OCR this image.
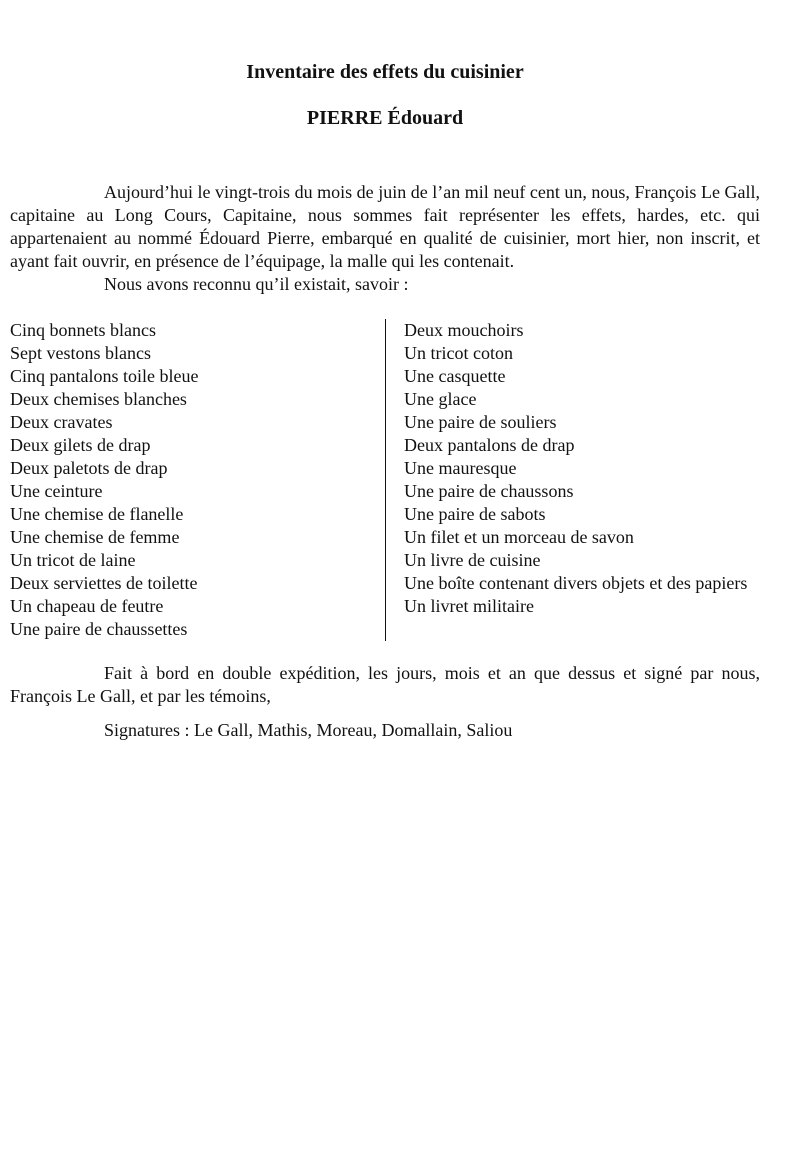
Inventaire des effets du cuisinier
PIERRE Édouard

Aujourd’hui le vingt-trois du mois de juin de l’an mil neuf cent un, nous, François Le Gall, capitaine au Long Cours, Capitaine, nous sommes fait représenter les effets, hardes, etc. qui appartenaient au nommé Édouard Pierre, embarqué en qualité de cuisinier, mort hier, non inscrit, et ayant fait ouvrir, en présence de l’équipage, la malle qui les contenait.

Nous avons reconnu qu’il existait, savoir :

Cinq bonnets blancs
Sept vestons blancs
Cinq pantalons toile bleue
Deux chemises blanches
Deux cravates
Deux gilets de drap
Deux paletots de drap
Une ceinture
Une chemise de flanelle
Une chemise de femme
Un tricot de laine
Deux serviettes de toilette
Un chapeau de feutre
Une paire de chaussettes
Deux mouchoirs
Un tricot coton
Une casquette
Une glace
Une paire de souliers
Deux pantalons de drap
Une mauresque
Une paire de chaussons
Une paire de sabots
Un filet et un morceau de savon
Un livre de cuisine
Une boîte contenant divers objets et des papiers
Un livret militaire

Fait à bord en double expédition, les jours, mois et an que dessus et signé par nous, François Le Gall, et par les témoins,

Signatures : Le Gall, Mathis, Moreau, Domallain, Saliou
